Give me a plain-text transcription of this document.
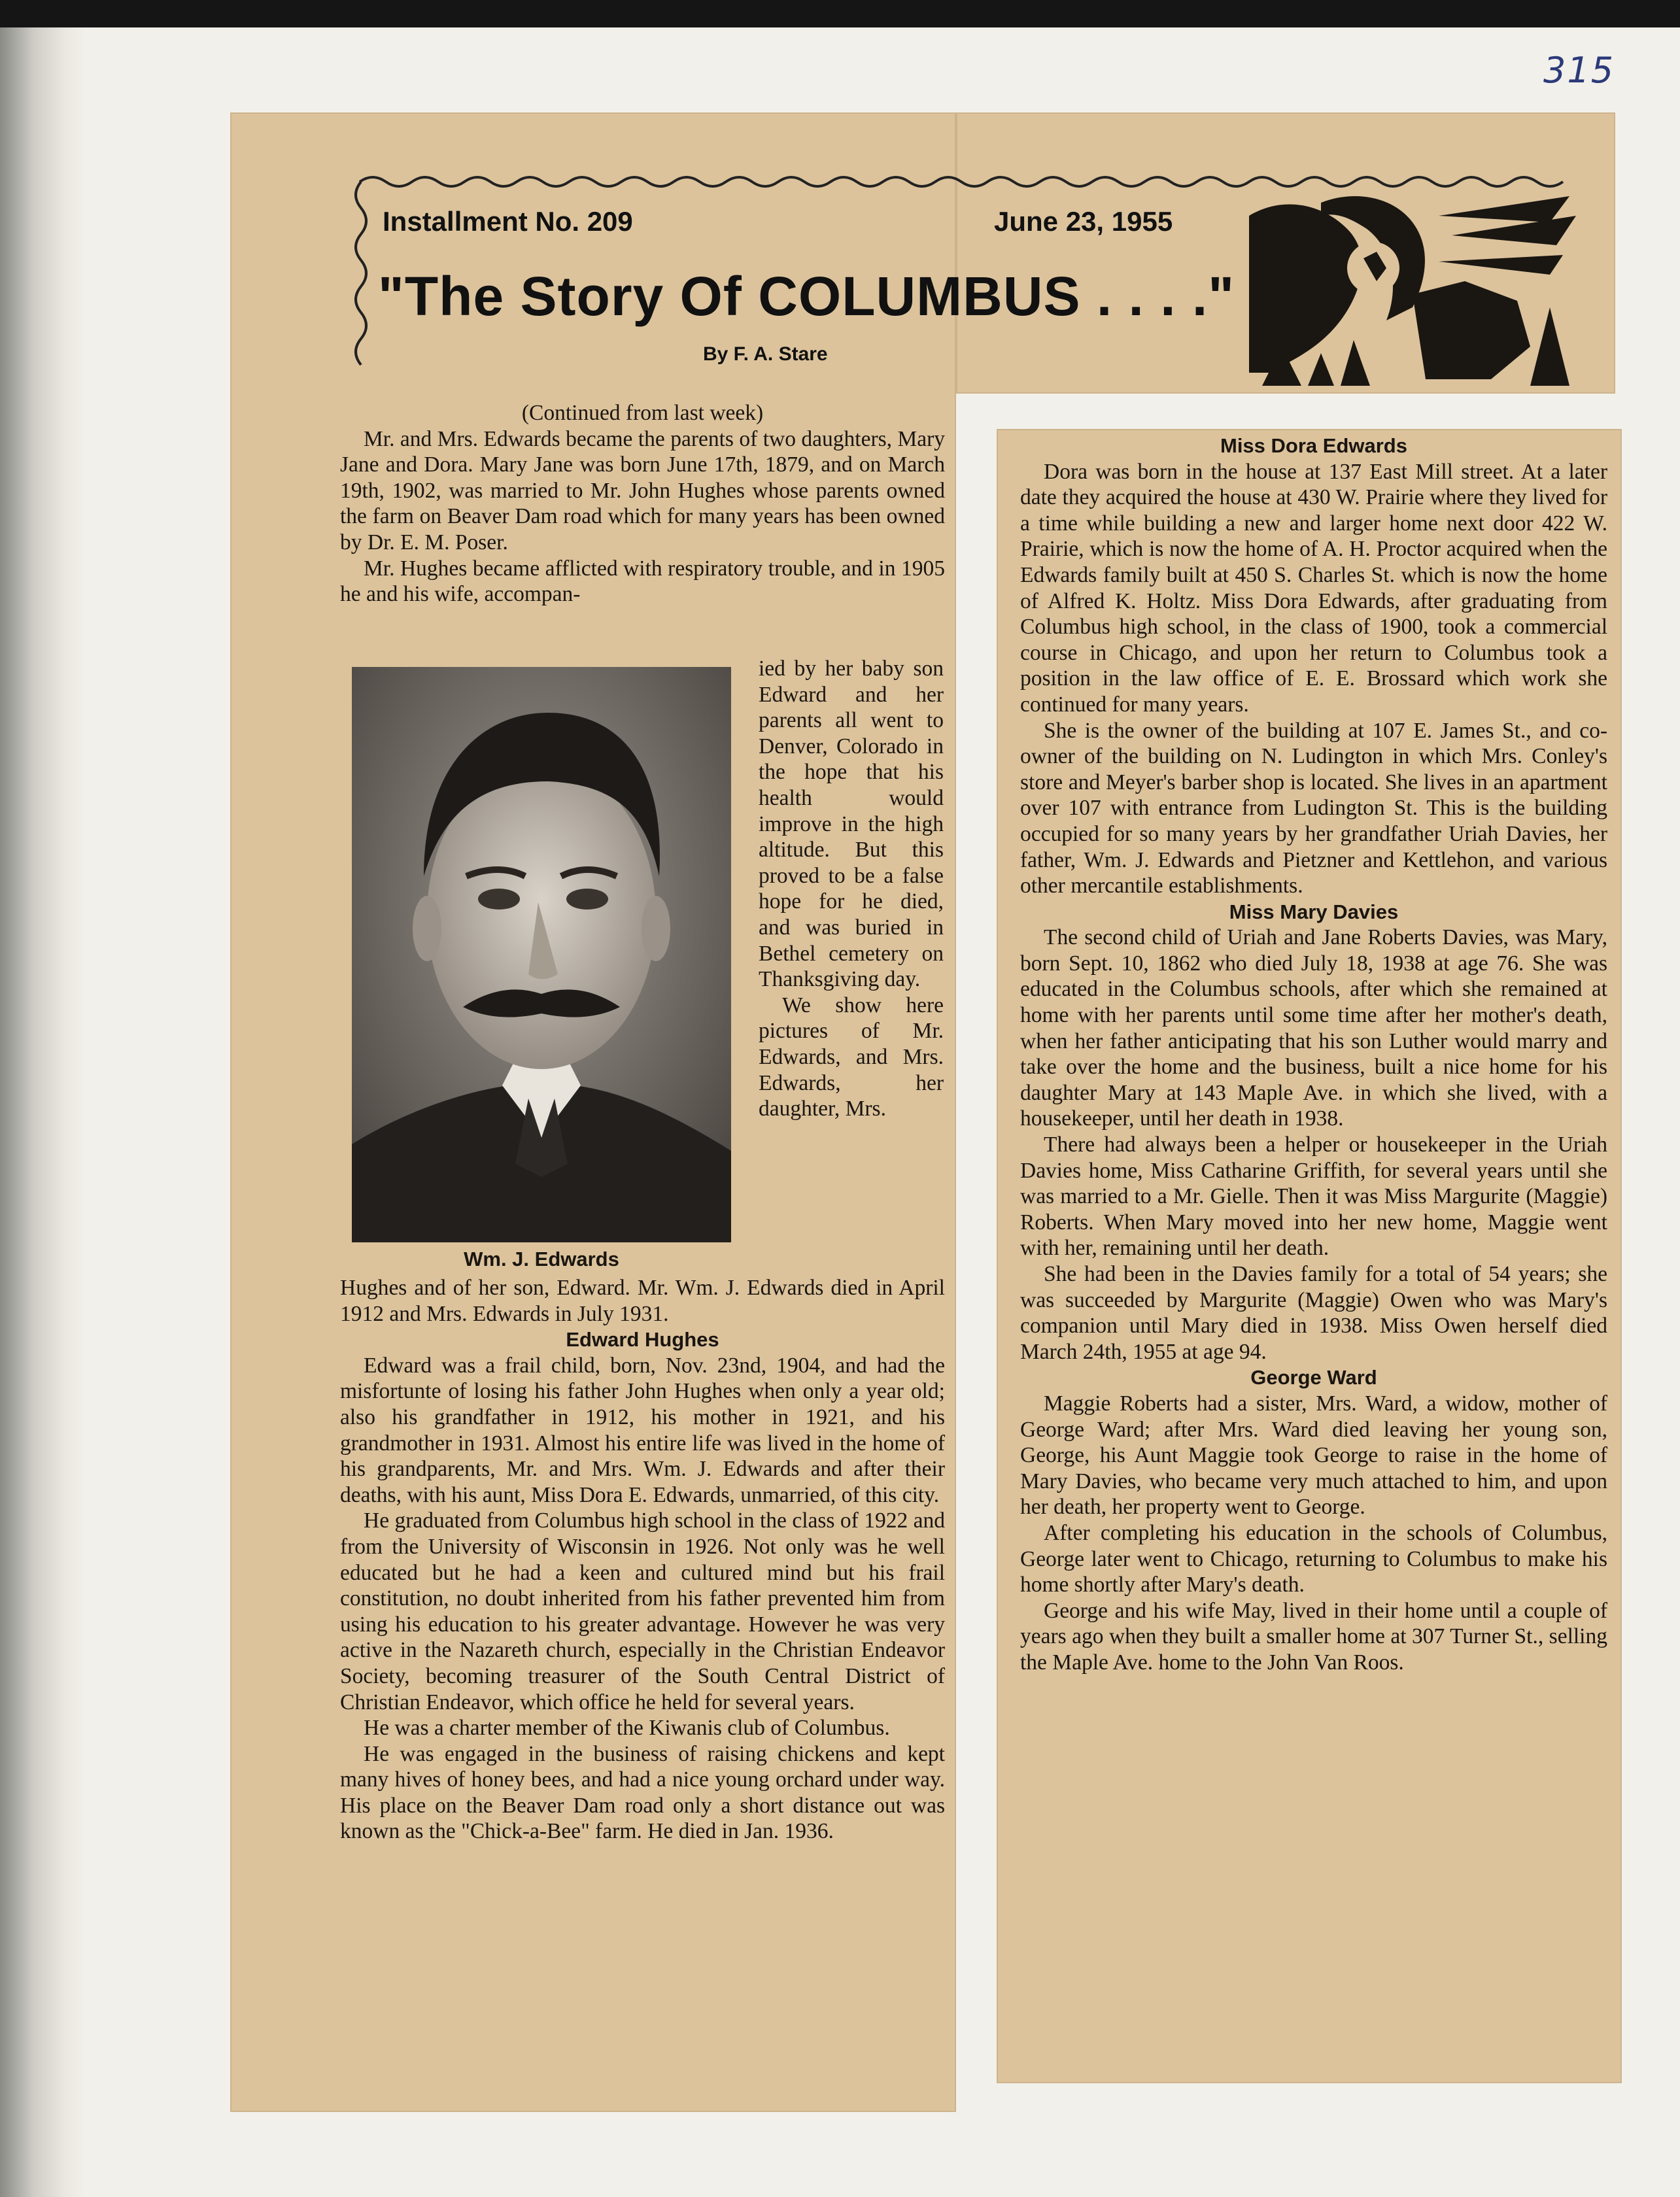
315
Installment No. 209	June 23, 1955
"The Story Of COLUMBUS . . . ."
By F. A. Stare

(Continued from last week)

Mr. and Mrs. Edwards became the parents of two daughters, Mary Jane and Dora. Mary Jane was born June 17th, 1879, and on March 19th, 1902, was married to Mr. John Hughes whose parents owned the farm on Beaver Dam road which for many years has been owned by Dr. E. M. Poser.

Mr. Hughes became afflicted with respiratory trouble, and in 1905 he and his wife, accompan-

Wm. J. Edwards

ied by her baby son Edward and her parents all went to Denver, Colorado in the hope that his health would improve in the high altitude. But this proved to be a false hope for he died, and was buried in Bethel cemetery on Thanksgiving day.

We show here pictures of Mr. Edwards, and Mrs. Edwards, her daughter, Mrs.

Hughes and of her son, Edward. Mr. Wm. J. Edwards died in April 1912 and Mrs. Edwards in July 1931.

Edward Hughes

Edward was a frail child, born, Nov. 23nd, 1904, and had the misfortunte of losing his father John Hughes when only a year old; also his grandfather in 1912, his mother in 1921, and his grandmother in 1931. Almost his entire life was lived in the home of his grandparents, Mr. and Mrs. Wm. J. Edwards and after their deaths, with his aunt, Miss Dora E. Edwards, unmarried, of this city.

He graduated from Columbus high school in the class of 1922 and from the University of Wisconsin in 1926. Not only was he well educated but he had a keen and cultured mind but his frail constitution, no doubt inherited from his father prevented him from using his education to his greater advantage. However he was very active in the Nazareth church, especially in the Christian Endeavor Society, becoming treasurer of the South Central District of Christian Endeavor, which office he held for several years.

He was a charter member of the Kiwanis club of Columbus.

He was engaged in the business of raising chickens and kept many hives of honey bees, and had a nice young orchard under way. His place on the Beaver Dam road only a short distance out was known as the "Chick-a-Bee" farm. He died in Jan. 1936.

Miss Dora Edwards

Dora was born in the house at 137 East Mill street. At a later date they acquired the house at 430 W. Prairie where they lived for a time while building a new and larger home next door 422 W. Prairie, which is now the home of A. H. Proctor acquired when the Edwards family built at 450 S. Charles St. which is now the home of Alfred K. Holtz. Miss Dora Edwards, after graduating from Columbus high school, in the class of 1900, took a commercial course in Chicago, and upon her return to Columbus took a position in the law office of E. E. Brossard which work she continued for many years.

She is the owner of the building at 107 E. James St., and co-owner of the building on N. Ludington in which Mrs. Conley's store and Meyer's barber shop is located. She lives in an apartment over 107 with entrance from Ludington St. This is the building occupied for so many years by her grandfather Uriah Davies, her father, Wm. J. Edwards and Pietzner and Kettlehon, and various other mercantile establishments.

Miss Mary Davies

The second child of Uriah and Jane Roberts Davies, was Mary, born Sept. 10, 1862 who died July 18, 1938 at age 76. She was educated in the Columbus schools, after which she remained at home with her parents until some time after her mother's death, when her father anticipating that his son Luther would marry and take over the home and the business, built a nice home for his daughter Mary at 143 Maple Ave. in which she lived, with a housekeeper, until her death in 1938.

There had always been a helper or housekeeper in the Uriah Davies home, Miss Catharine Griffith, for several years until she was married to a Mr. Gielle. Then it was Miss Margurite (Maggie) Roberts. When Mary moved into her new home, Maggie went with her, remaining until her death.

She had been in the Davies family for a total of 54 years; she was succeeded by Margurite (Maggie) Owen who was Mary's companion until Mary died in 1938. Miss Owen herself died March 24th, 1955 at age 94.

George Ward

Maggie Roberts had a sister, Mrs. Ward, a widow, mother of George Ward; after Mrs. Ward died leaving her young son, George, his Aunt Maggie took George to raise in the home of Mary Davies, who became very much attached to him, and upon her death, her property went to George.

After completing his education in the schools of Columbus, George later went to Chicago, returning to Columbus to make his home shortly after Mary's death.

George and his wife May, lived in their home until a couple of years ago when they built a smaller home at 307 Turner St., selling the Maple Ave. home to the John Van Roos.
